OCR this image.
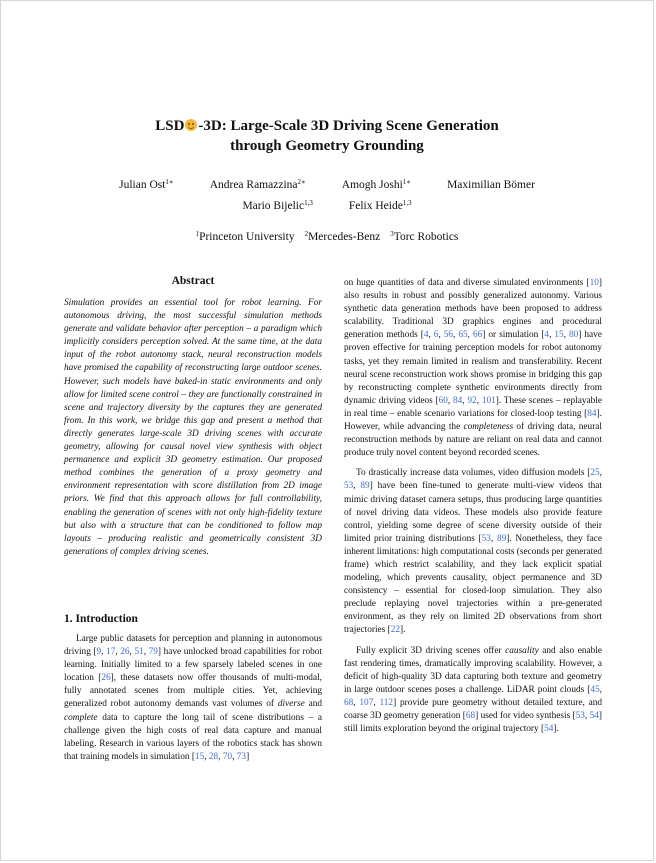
LSD -3D: Large-Scale 3D Driving Scene Generation
through Geometry Grounding
Julian Ost$^{1∗}$	Andrea Ramazzina$^{2∗}$	Amogh Joshi$^{1∗}$	Maximilian Bömer
Mario Bijelic$^{1,3}$	Felix Heide$^{1,3}$
$^1$Princeton University $^2$Mercedes-Benz $^3$Torc Robotics
Abstract

Simulation provides an essential tool for robot learning. For autonomous driving, the most successful simulation methods generate and validate behavior after perception – a paradigm which implicitly considers perception solved. At the same time, at the data input of the robot autonomy stack, neural reconstruction models have promised the capability of reconstructing large outdoor scenes. However, such models have baked-in static environments and only allow for limited scene control – they are functionally constrained in scene and trajectory diversity by the captures they are generated from. In this work, we bridge this gap and present a method that directly generates large-scale 3D driving scenes with accurate geometry, allowing for causal novel view synthesis with object permanence and explicit 3D geometry estimation. Our proposed method combines the generation of a proxy geometry and environment representation with score distillation from 2D image priors. We find that this approach allows for full controllability, enabling the generation of scenes with not only high-fidelity texture but also with a structure that can be conditioned to follow map layouts – producing realistic and geometrically consistent 3D generations of complex driving scenes.

1. Introduction

Large public datasets for perception and planning in autonomous driving [9, 17, 26, 51, 79] have unlocked broad capabilities for robot learning. Initially limited to a few sparsely labeled scenes in one location [26], these datasets now offer thousands of multi-modal, fully annotated scenes from multiple cities. Yet, achieving generalized robot autonomy demands vast volumes of diverse and complete data to capture the long tail of scene distributions – a challenge given the high costs of real data capture and manual labeling. Research in various layers of the robotics stack has shown that training models in simulation [15, 28, 70, 73]

on huge quantities of data and diverse simulated environments [10] also results in robust and possibly generalized autonomy. Various synthetic data generation methods have been proposed to address scalability. Traditional 3D graphics engines and procedural generation methods [4, 6, 56, 65, 66] or simulation [4, 15, 80] have proven effective for training perception models for robot autonomy tasks, yet they remain limited in realism and transferability. Recent neural scene reconstruction work shows promise in bridging this gap by reconstructing complete synthetic environments directly from dynamic driving videos [60, 84, 92, 101]. These scenes – replayable in real time – enable scenario variations for closed-loop testing [84]. However, while advancing the completeness of driving data, neural reconstruction methods by nature are reliant on real data and cannot produce truly novel content beyond recorded scenes.

To drastically increase data volumes, video diffusion models [25, 53, 89] have been fine-tuned to generate multi-view videos that mimic driving dataset camera setups, thus producing large quantities of novel driving data videos. These models also provide feature control, yielding some degree of scene diversity outside of their limited prior training distributions [53, 89]. Nonetheless, they face inherent limitations: high computational costs (seconds per generated frame) which restrict scalability, and they lack explicit spatial modeling, which prevents causality, object permanence and 3D consistency – essential for closed-loop simulation. They also preclude replaying novel trajectories within a pre-generated environment, as they rely on limited 2D observations from short trajectories [22].

Fully explicit 3D driving scenes offer causality and also enable fast rendering times, dramatically improving scalability. However, a deficit of high-quality 3D data capturing both texture and geometry in large outdoor scenes poses a challenge. LiDAR point clouds [45, 68, 107, 112] provide pure geometry without detailed texture, and coarse 3D geometry generation [68] used for video synthesis [53, 54] still limits exploration beyond the original trajectory [54].
